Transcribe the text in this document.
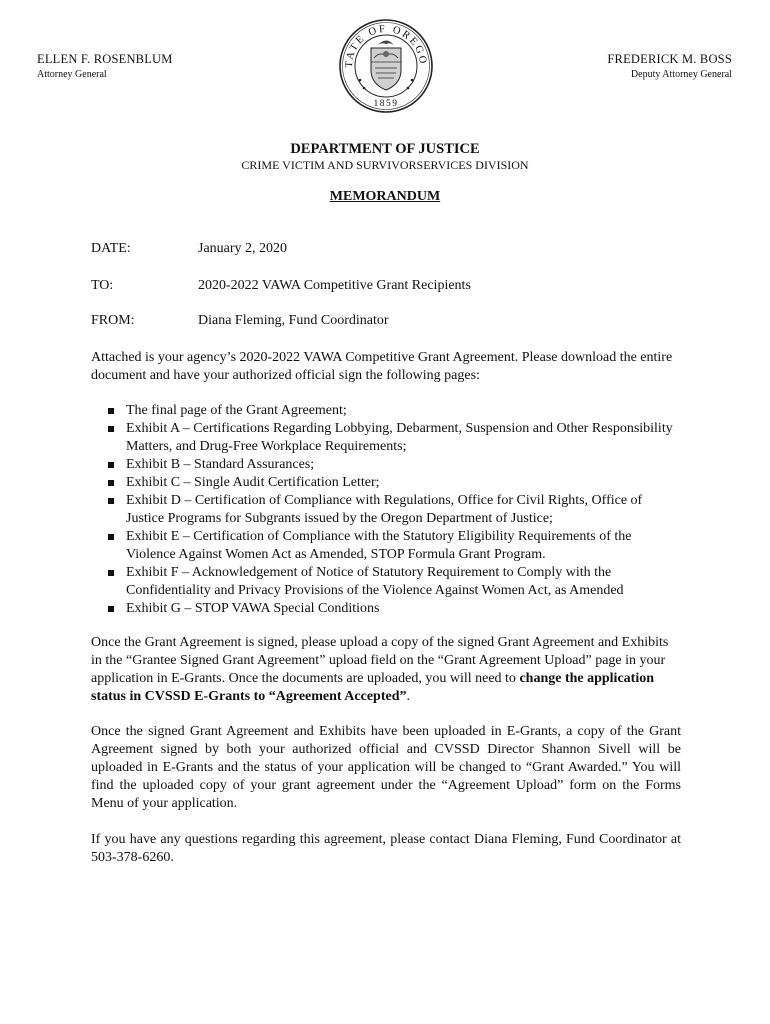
ELLEN F. ROSENBLUM
Attorney General
TATE OF OREGO
1859
FREDERICK M. BOSS
Deputy Attorney General
DEPARTMENT OF JUSTICE
CRIME VICTIM AND SURVIVORSERVICES DIVISION
MEMORANDUM
DATE:	January 2, 2020
TO:	2020-2022 VAWA Competitive Grant Recipients
FROM:	Diana Fleming, Fund Coordinator
Attached is your agency’s 2020-2022 VAWA Competitive Grant Agreement. Please download the entire document and have your authorized official sign the following pages:
The final page of the Grant Agreement;
Exhibit A – Certifications Regarding Lobbying, Debarment, Suspension and Other Responsibility Matters, and Drug-Free Workplace Requirements;
Exhibit B – Standard Assurances;
Exhibit C – Single Audit Certification Letter;
Exhibit D – Certification of Compliance with Regulations, Office for Civil Rights, Office of Justice Programs for Subgrants issued by the Oregon Department of Justice;
Exhibit E – Certification of Compliance with the Statutory Eligibility Requirements of the Violence Against Women Act as Amended, STOP Formula Grant Program.
Exhibit F – Acknowledgement of Notice of Statutory Requirement to Comply with the Confidentiality and Privacy Provisions of the Violence Against Women Act, as Amended
Exhibit G – STOP VAWA Special Conditions
Once the Grant Agreement is signed, please upload a copy of the signed Grant Agreement and Exhibits in the “Grantee Signed Grant Agreement” upload field on the “Grant Agreement Upload” page in your application in E-Grants. Once the documents are uploaded, you will need to change the application status in CVSSD E-Grants to “Agreement Accepted”.
Once the signed Grant Agreement and Exhibits have been uploaded in E-Grants, a copy of the Grant Agreement signed by both your authorized official and CVSSD Director Shannon Sivell will be uploaded in E-Grants and the status of your application will be changed to “Grant Awarded.” You will find the uploaded copy of your grant agreement under the “Agreement Upload” form on the Forms Menu of your application.
If you have any questions regarding this agreement, please contact Diana Fleming, Fund Coordinator at 503-378-6260.
